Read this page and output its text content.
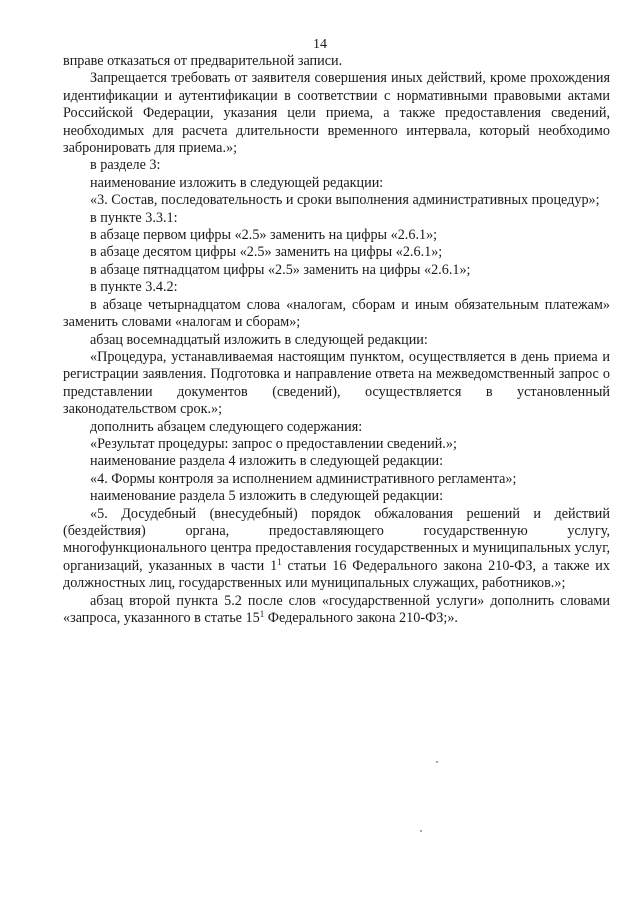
14

вправе отказаться от предварительной записи.

Запрещается требовать от заявителя совершения иных действий, кроме прохождения идентификации и аутентификации в соответствии с нормативными правовыми актами Российской Федерации, указания цели приема, а также предоставления сведений, необходимых для расчета длительности временного интервала, который необходимо забронировать для приема.»;

в разделе 3:

наименование изложить в следующей редакции:

«3. Состав, последовательность и сроки выполнения административных процедур»;

в пункте 3.3.1:

в абзаце первом цифры «2.5» заменить на цифры «2.6.1»;

в абзаце десятом цифры «2.5» заменить на цифры «2.6.1»;

в абзаце пятнадцатом цифры «2.5» заменить на цифры «2.6.1»;

в пункте 3.4.2:

в абзаце четырнадцатом слова «налогам, сборам и иным обязательным платежам» заменить словами «налогам и сборам»;

абзац восемнадцатый изложить в следующей редакции:

«Процедура, устанавливаемая настоящим пунктом, осуществляется в день приема и регистрации заявления. Подготовка и направление ответа на межведомственный запрос о представлении документов (сведений), осуществляется в установленный законодательством срок.»;

дополнить абзацем следующего содержания:

«Результат процедуры: запрос о предоставлении сведений.»;

наименование раздела 4 изложить в следующей редакции:

«4. Формы контроля за исполнением административного регламента»;

наименование раздела 5 изложить в следующей редакции:

«5. Досудебный (внесудебный) порядок обжалования решений и действий (бездействия) органа, предоставляющего государственную услугу, многофункционального центра предоставления государственных и муниципальных услуг, организаций, указанных в части $1^1$ статьи 16 Федерального закона 210-ФЗ, а также их должностных лиц, государственных или муниципальных служащих, работников.»;

абзац второй пункта 5.2 после слов «государственной услуги» дополнить словами «запроса, указанного в статье $15^1$ Федерального закона 210-ФЗ;».
